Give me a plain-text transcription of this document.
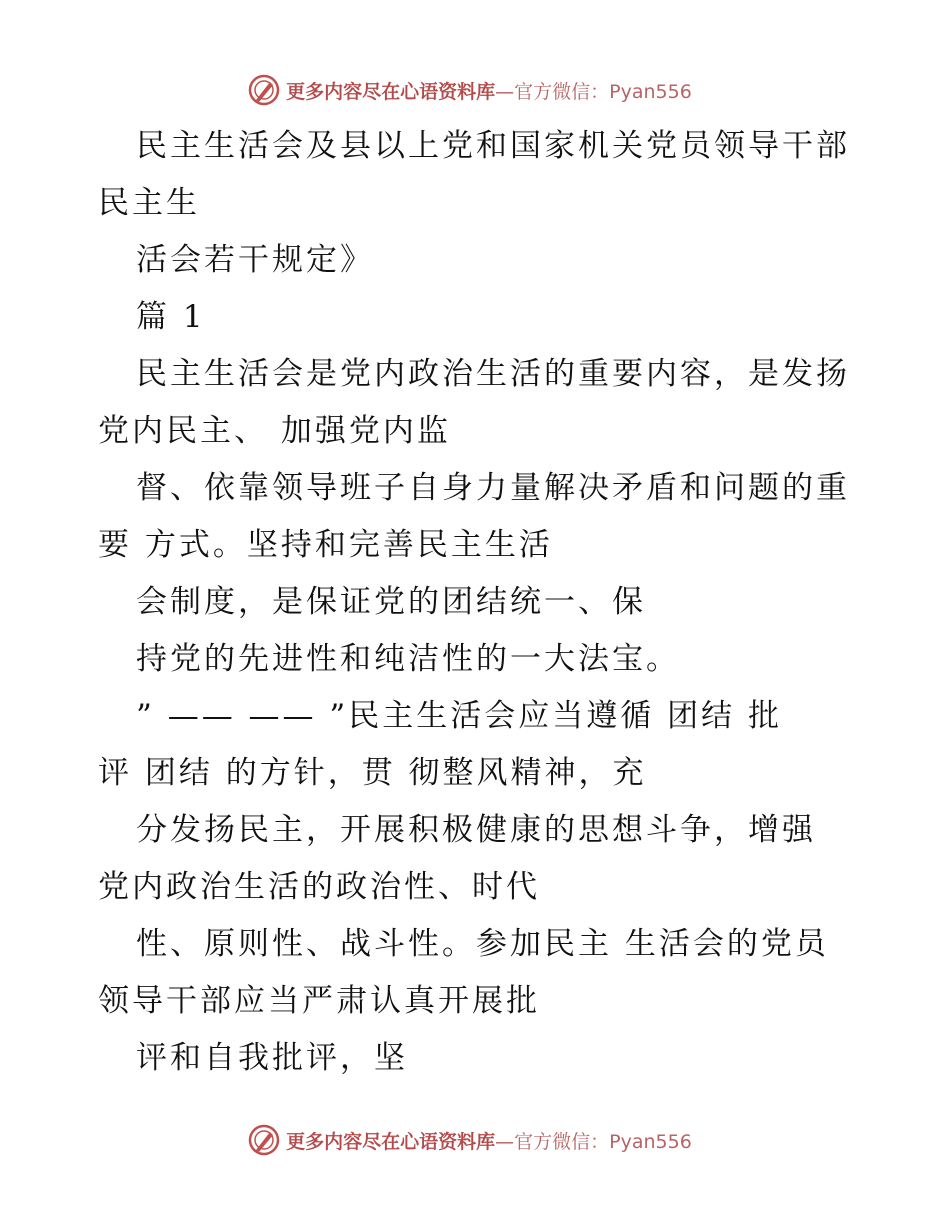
更多内容尽在心语资料库—官方微信：Pyan556
民主生活会及县以上党和国家机关党员领导干部
民主生
活会若干规定》
篇 1
民主生活会是党内政治生活的重要内容，是发扬
党内民主、 加强党内监
督、依靠领导班子自身力量解决矛盾和问题的重
要 方式。坚持和完善民主生活
会制度，是保证党的团结统一、保
持党的先进性和纯洁性的一大法宝。
” —— —— ”民主生活会应当遵循 团结 批
评 团结 的方针，贯 彻整风精神，充
分发扬民主，开展积极健康的思想斗争，增强
党内政治生活的政治性、时代
性、原则性、战斗性。参加民主 生活会的党员
领导干部应当严肃认真开展批
评和自我批评，坚
更多内容尽在心语资料库—官方微信：Pyan556
